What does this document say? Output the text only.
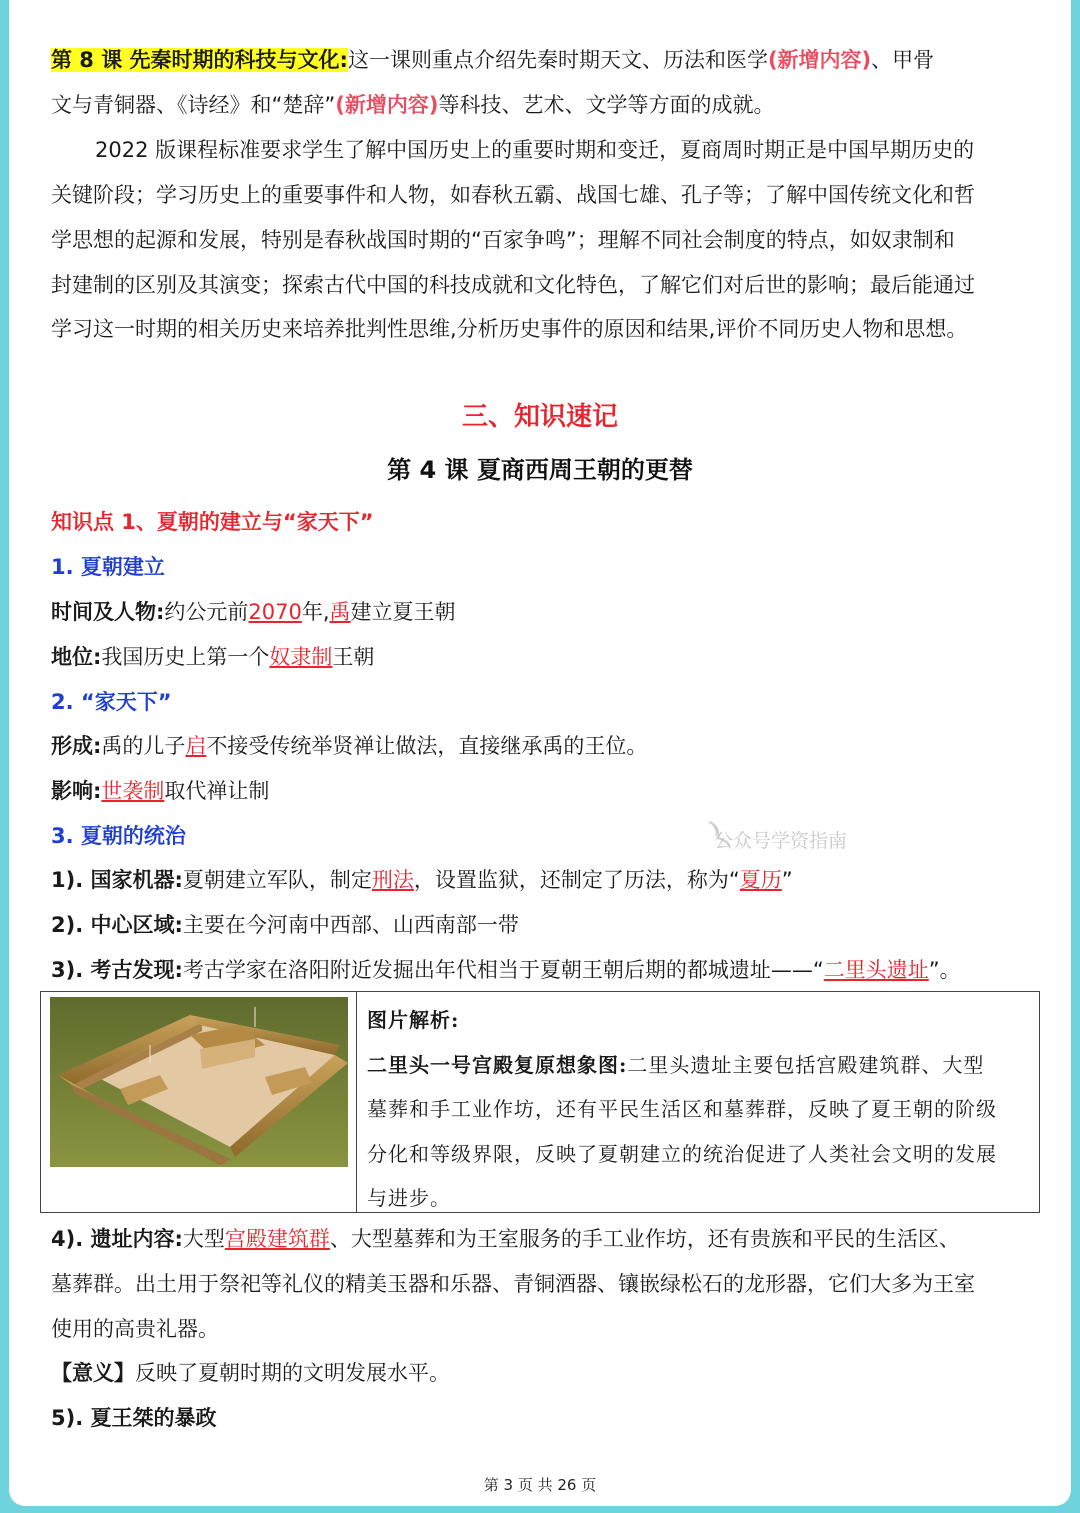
第 8 课 先秦时期的科技与文化:这一课则重点介绍先秦时期天文、历法和医学(新增内容)、甲骨
文与青铜器、《诗经》和“楚辞”(新增内容)等科技、艺术、文学等方面的成就。
2022 版课程标准要求学生了解中国历史上的重要时期和变迁，夏商周时期正是中国早期历史的
关键阶段；学习历史上的重要事件和人物，如春秋五霸、战国七雄、孔子等；了解中国传统文化和哲
学思想的起源和发展，特别是春秋战国时期的“百家争鸣”；理解不同社会制度的特点，如奴隶制和
封建制的区别及其演变；探索古代中国的科技成就和文化特色，了解它们对后世的影响；最后能通过
学习这一时期的相关历史来培养批判性思维,分析历史事件的原因和结果,评价不同历史人物和思想。
三、知识速记
第 4 课 夏商西周王朝的更替
知识点 1、夏朝的建立与“家天下”
1. 夏朝建立
时间及人物:约公元前2070年,禹建立夏王朝
地位:我国历史上第一个奴隶制王朝
2. “家天下”
形成:禹的儿子启不接受传统举贤禅让做法，直接继承禹的王位。
影响:世袭制取代禅让制
3. 夏朝的统治
1). 国家机器:夏朝建立军队，制定刑法，设置监狱，还制定了历法，称为“夏历”
2). 中心区域:主要在今河南中西部、山西南部一带
3). 考古发现:考古学家在洛阳附近发掘出年代相当于夏朝王朝后期的都城遗址——“二里头遗址”。
图片解析:
二里头一号宫殿复原想象图:二里头遗址主要包括宫殿建筑群、大型
墓葬和手工业作坊，还有平民生活区和墓葬群，反映了夏王朝的阶级
分化和等级界限，反映了夏朝建立的统治促进了人类社会文明的发展
与进步。
4). 遗址内容:大型宫殿建筑群、大型墓葬和为王室服务的手工业作坊，还有贵族和平民的生活区、
墓葬群。出土用于祭祀等礼仪的精美玉器和乐器、青铜酒器、镶嵌绿松石的龙形器，它们大多为王室
使用的高贵礼器。
【意义】反映了夏朝时期的文明发展水平。
5). 夏王桀的暴政
公众号学资指南
第 3 页 共 26 页
